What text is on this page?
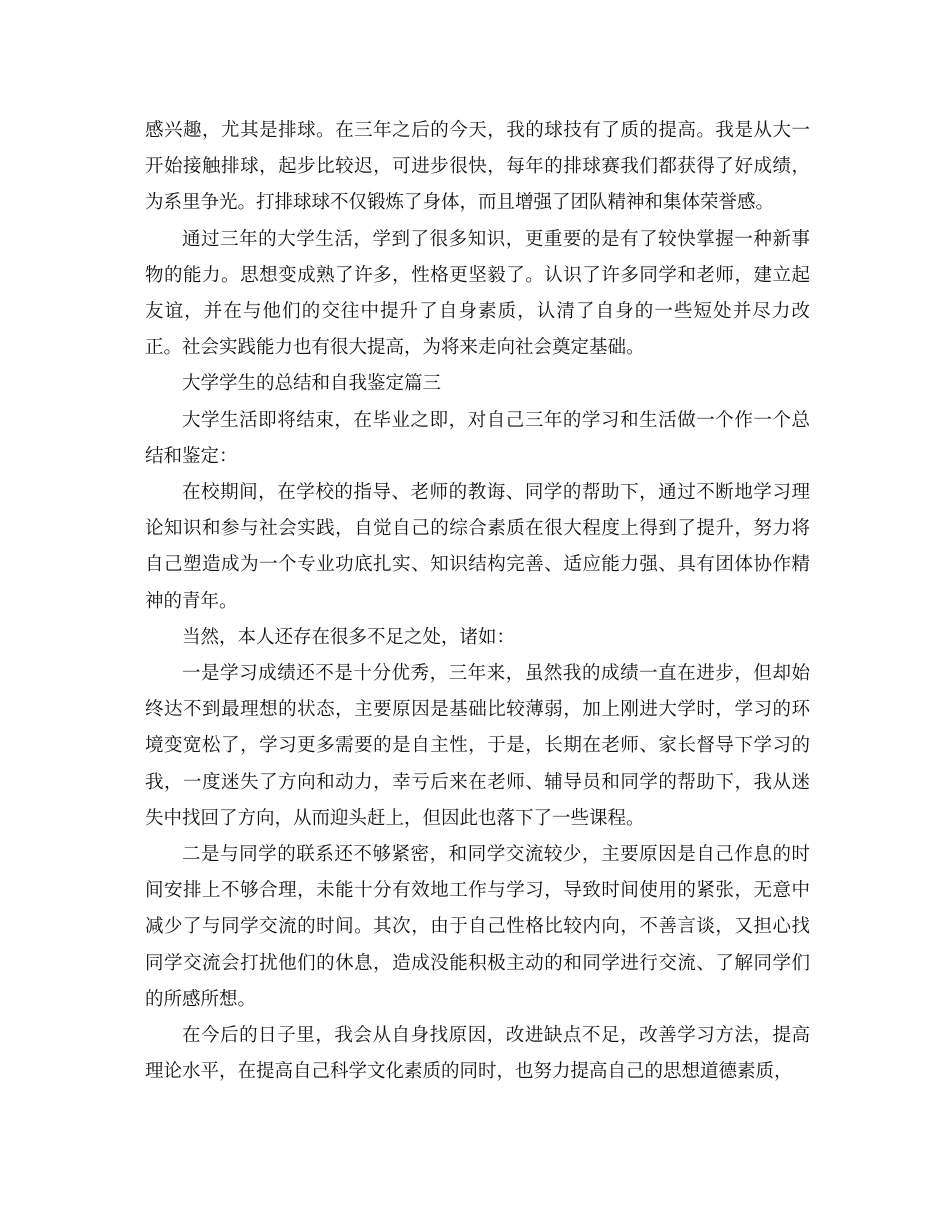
感兴趣，尤其是排球。在三年之后的今天，我的球技有了质的提高。我是从大一开始接触排球，起步比较迟，可进步很快，每年的排球赛我们都获得了好成绩，为系里争光。打排球球不仅锻炼了身体，而且增强了团队精神和集体荣誉感。

通过三年的大学生活，学到了很多知识，更重要的是有了较快掌握一种新事物的能力。思想变成熟了许多，性格更坚毅了。认识了许多同学和老师，建立起友谊，并在与他们的交往中提升了自身素质，认清了自身的一些短处并尽力改正。社会实践能力也有很大提高，为将来走向社会奠定基础。

大学学生的总结和自我鉴定篇三

大学生活即将结束，在毕业之即，对自己三年的学习和生活做一个作一个总结和鉴定：

在校期间，在学校的指导、老师的教诲、同学的帮助下，通过不断地学习理论知识和参与社会实践，自觉自己的综合素质在很大程度上得到了提升，努力将自己塑造成为一个专业功底扎实、知识结构完善、适应能力强、具有团体协作精神的青年。

当然，本人还存在很多不足之处，诸如：

一是学习成绩还不是十分优秀，三年来，虽然我的成绩一直在进步，但却始终达不到最理想的状态，主要原因是基础比较薄弱，加上刚进大学时，学习的环境变宽松了，学习更多需要的是自主性，于是，长期在老师、家长督导下学习的我，一度迷失了方向和动力，幸亏后来在老师、辅导员和同学的帮助下，我从迷失中找回了方向，从而迎头赶上，但因此也落下了一些课程。

二是与同学的联系还不够紧密，和同学交流较少，主要原因是自己作息的时间安排上不够合理，未能十分有效地工作与学习，导致时间使用的紧张，无意中减少了与同学交流的时间。其次，由于自己性格比较内向，不善言谈，又担心找同学交流会打扰他们的休息，造成没能积极主动的和同学进行交流、了解同学们的所感所想。

在今后的日子里，我会从自身找原因，改进缺点不足，改善学习方法，提高理论水平，在提高自己科学文化素质的同时，也努力提高自己的思想道德素质，
